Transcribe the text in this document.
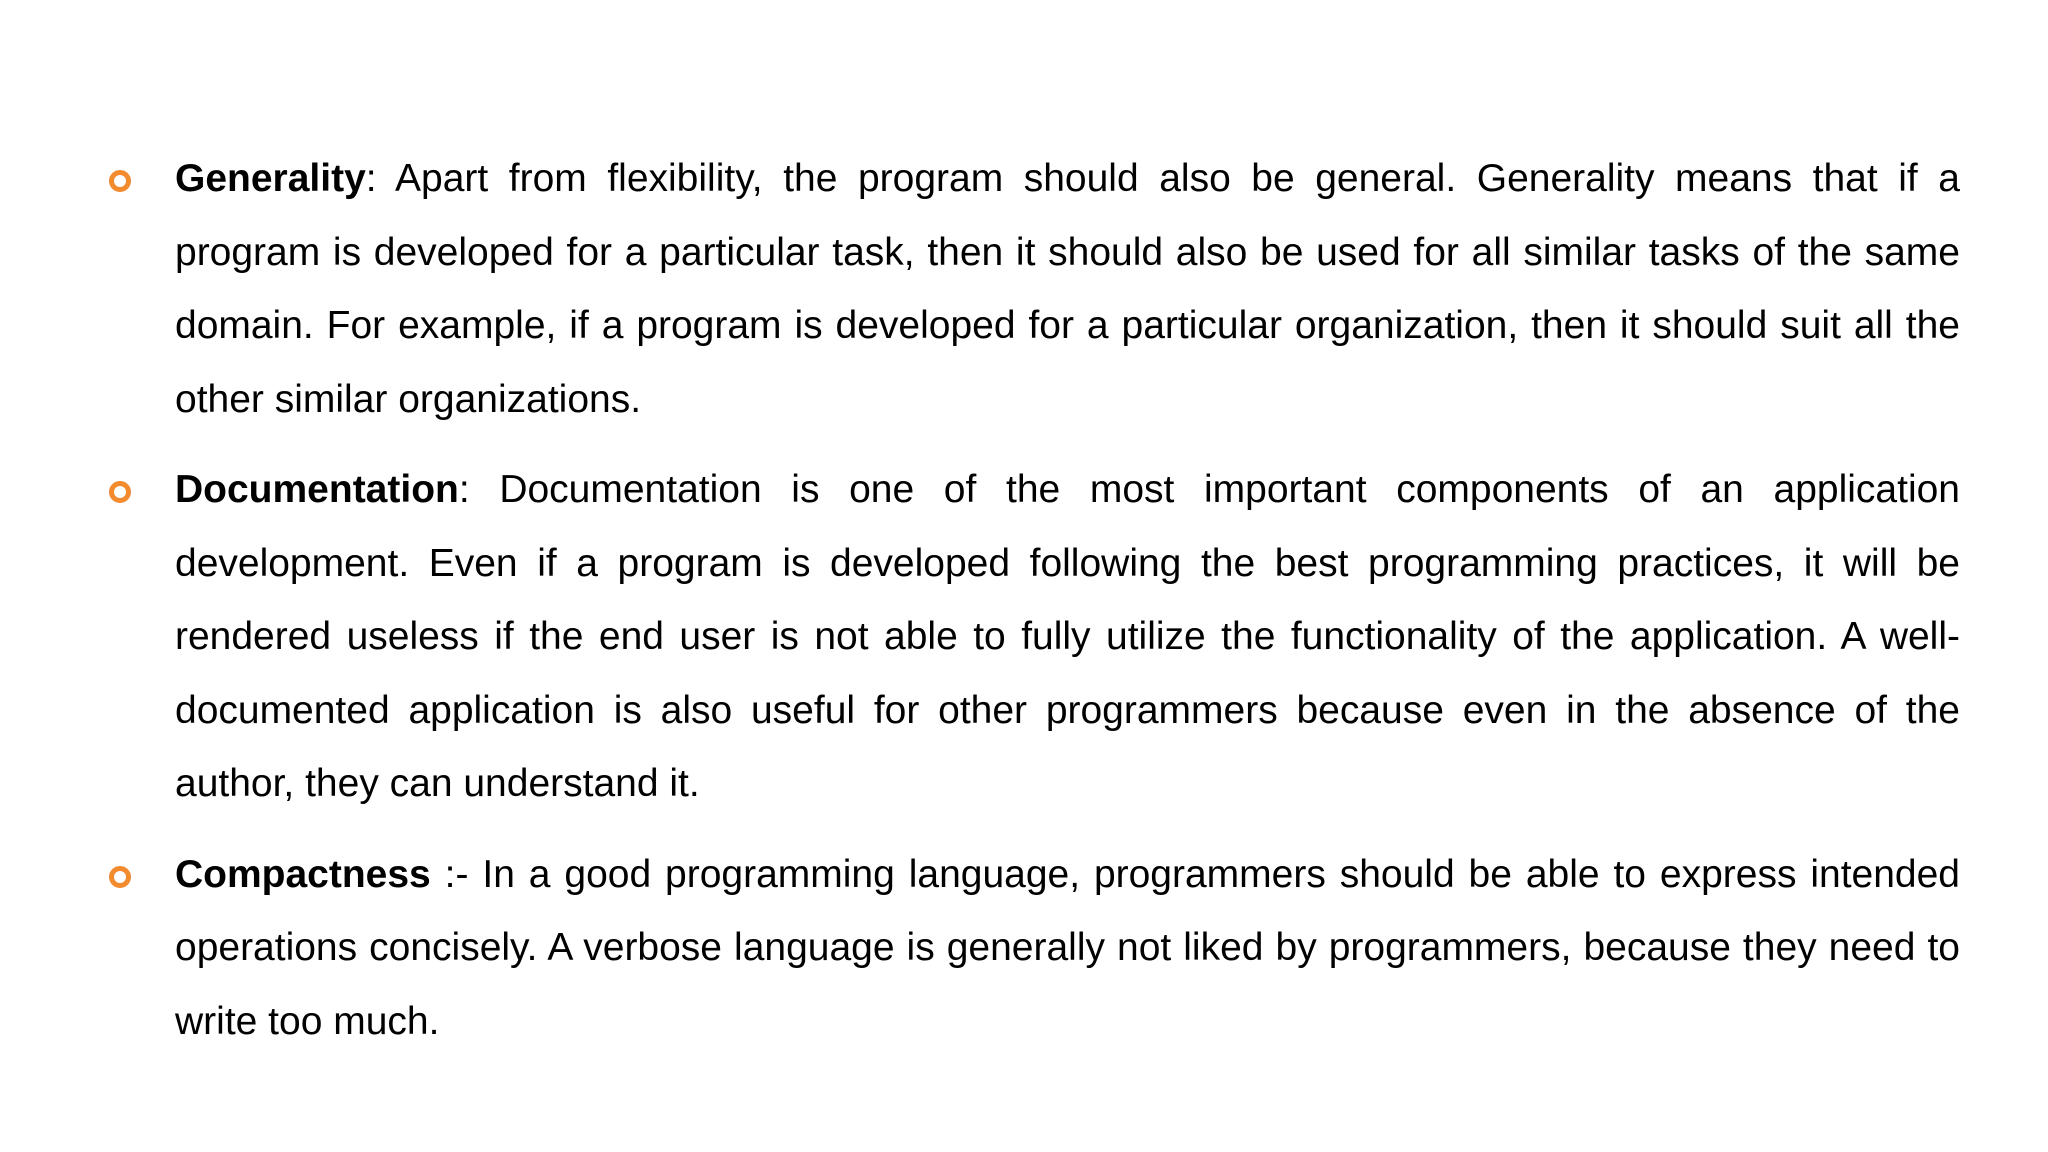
Generality: Apart from flexibility, the program should also be general. Generality means that if a program is developed for a particular task, then it should also be used for all similar tasks of the same domain. For example, if a program is developed for a particular organization, then it should suit all the other similar organizations.

Documentation: Documentation is one of the most important components of an application development. Even if a program is developed following the best programming practices, it will be rendered useless if the end user is not able to fully utilize the functionality of the application. A well-documented application is also useful for other programmers because even in the absence of the author, they can understand it.

Compactness :- In a good programming language, programmers should be able to express intended operations concisely. A verbose language is generally not liked by programmers, because they need to write too much.
